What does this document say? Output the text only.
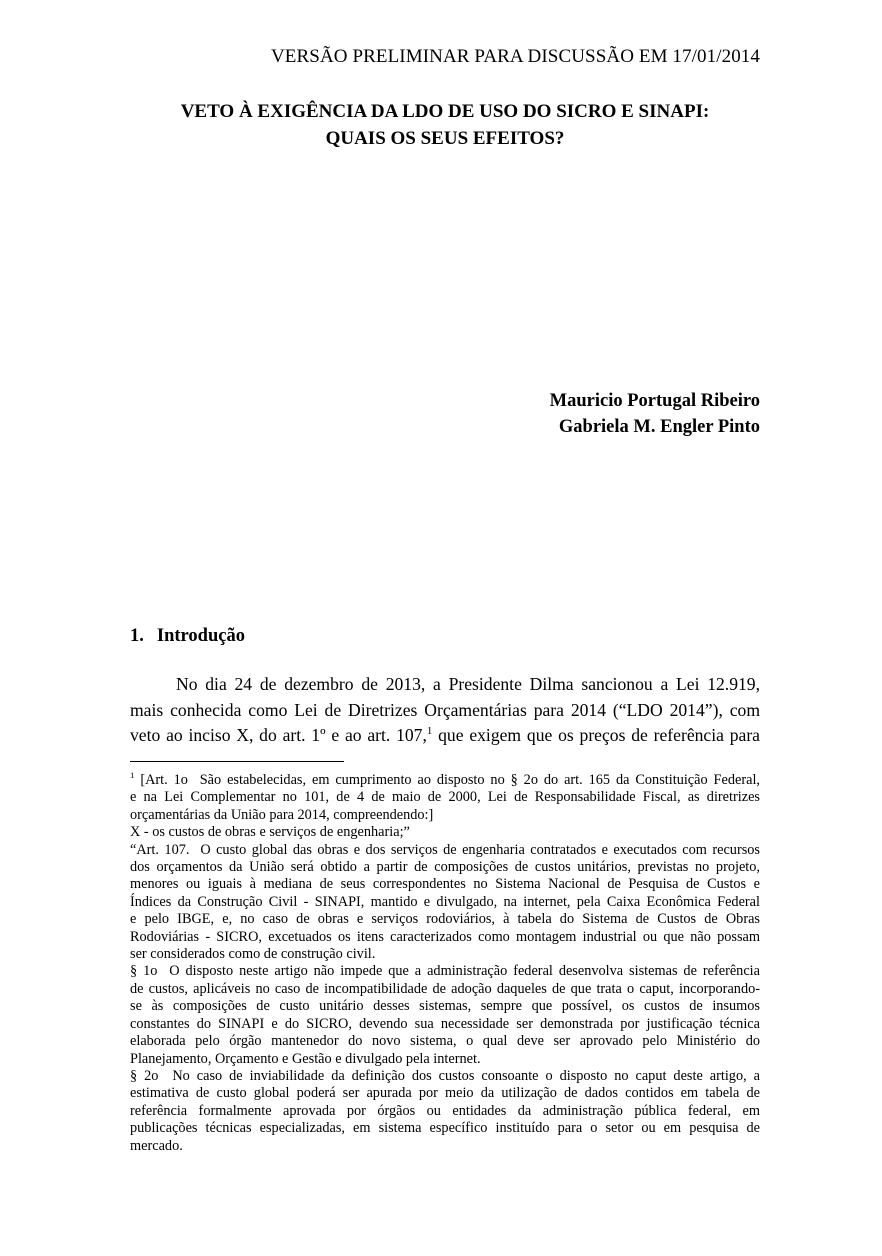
VERSÃO PRELIMINAR PARA DISCUSSÃO EM 17/01/2014
VETO À EXIGÊNCIA DA LDO DE USO DO SICRO E SINAPI:
QUAIS OS SEUS EFEITOS?
Mauricio Portugal Ribeiro
Gabriela M. Engler Pinto
1. Introdução
No dia 24 de dezembro de 2013, a Presidente Dilma sancionou a Lei 12.919,
mais conhecida como Lei de Diretrizes Orçamentárias para 2014 (“LDO 2014”), com
veto ao inciso X, do art. 1º e ao art. 107,$^1$ que exigem que os preços de referência para
$^1$ [Art. 1o  São estabelecidas, em cumprimento ao disposto no § 2o do art. 165 da Constituição Federal,
e na Lei Complementar no 101, de 4 de maio de 2000, Lei de Responsabilidade Fiscal, as diretrizes
orçamentárias da União para 2014, compreendendo:]
X - os custos de obras e serviços de engenharia;”
“Art. 107.  O custo global das obras e dos serviços de engenharia contratados e executados com recursos
dos orçamentos da União será obtido a partir de composições de custos unitários, previstas no projeto,
menores ou iguais à mediana de seus correspondentes no Sistema Nacional de Pesquisa de Custos e
Índices da Construção Civil - SINAPI, mantido e divulgado, na internet, pela Caixa Econômica Federal
e pelo IBGE, e, no caso de obras e serviços rodoviários, à tabela do Sistema de Custos de Obras
Rodoviárias - SICRO, excetuados os itens caracterizados como montagem industrial ou que não possam
ser considerados como de construção civil.
§ 1o  O disposto neste artigo não impede que a administração federal desenvolva sistemas de referência
de custos, aplicáveis no caso de incompatibilidade de adoção daqueles de que trata o caput, incorporando-
se às composições de custo unitário desses sistemas, sempre que possível, os custos de insumos
constantes do SINAPI e do SICRO, devendo sua necessidade ser demonstrada por justificação técnica
elaborada pelo órgão mantenedor do novo sistema, o qual deve ser aprovado pelo Ministério do
Planejamento, Orçamento e Gestão e divulgado pela internet.
§ 2o  No caso de inviabilidade da definição dos custos consoante o disposto no caput deste artigo, a
estimativa de custo global poderá ser apurada por meio da utilização de dados contidos em tabela de
referência formalmente aprovada por órgãos ou entidades da administração pública federal, em
publicações técnicas especializadas, em sistema específico instituído para o setor ou em pesquisa de
mercado.
